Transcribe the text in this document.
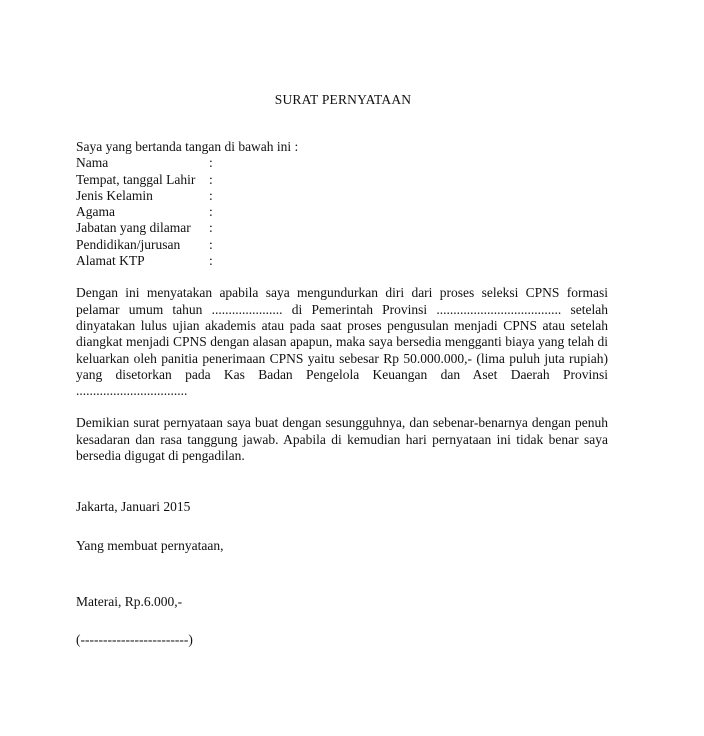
SURAT PERNYATAAN
Saya yang bertanda tangan di bawah ini :
Nama	:
Tempat, tanggal Lahir	:
Jenis Kelamin	:
Agama	:
Jabatan yang dilamar	:
Pendidikan/jurusan	:
Alamat KTP	:
Dengan ini menyatakan apabila saya mengundurkan diri dari proses seleksi CPNS formasi pelamar umum tahun ..................... di Pemerintah Provinsi ..................................... setelah dinyatakan lulus ujian akademis atau pada saat proses pengusulan menjadi CPNS atau setelah diangkat menjadi CPNS dengan alasan apapun, maka saya bersedia mengganti biaya yang telah di keluarkan oleh panitia penerimaan CPNS yaitu sebesar Rp 50.000.000,- (lima puluh juta rupiah) yang disetorkan pada Kas Badan Pengelola Keuangan dan Aset Daerah Provinsi .................................
Demikian surat pernyataan saya buat dengan sesungguhnya, dan sebenar-benarnya dengan penuh kesadaran dan rasa tanggung jawab. Apabila di kemudian hari pernyataan ini tidak benar saya bersedia digugat di pengadilan.
Jakarta, Januari 2015
Yang membuat pernyataan,
Materai, Rp.6.000,-
(------------------------)
